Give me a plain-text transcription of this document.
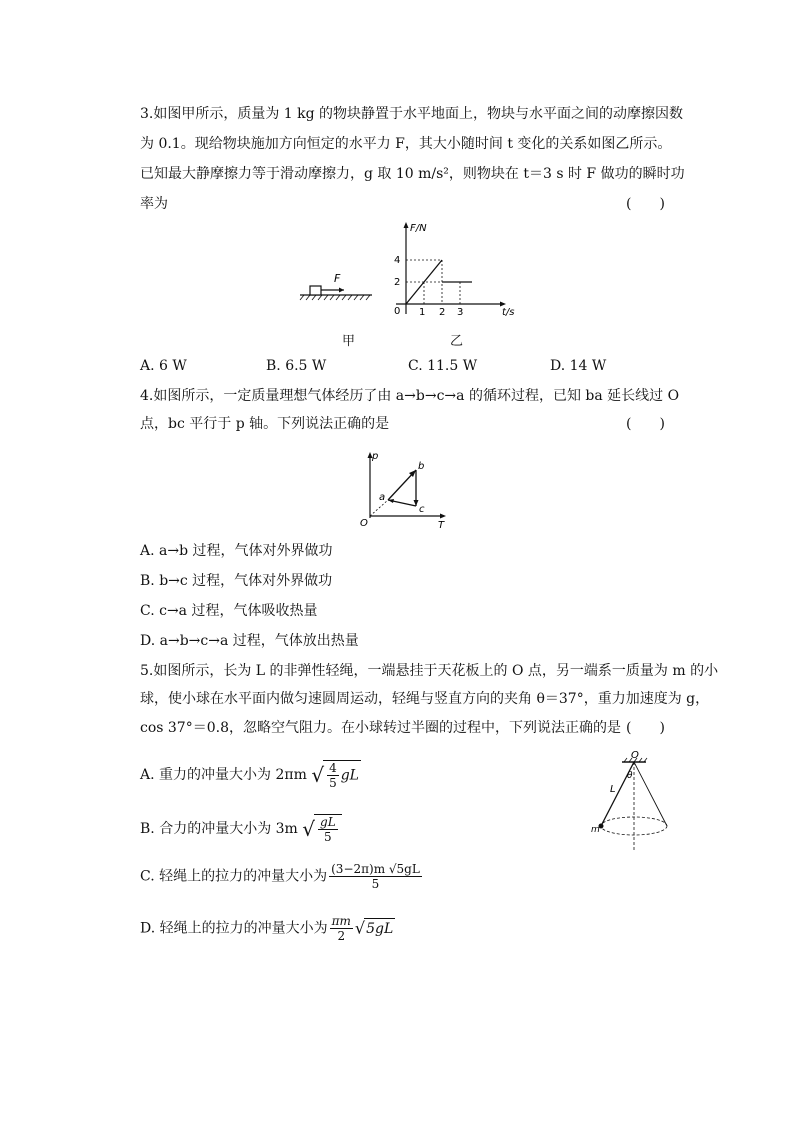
3.如图甲所示，质量为 1 kg 的物块静置于水平地面上，物块与水平面之间的动摩擦因数
为 0.1。现给物块施加方向恒定的水平力 F，其大小随时间 t 变化的关系如图乙所示。
已知最大静摩擦力等于滑动摩擦力，g 取 10 m/s²，则物块在 t＝3 s 时 F 做功的瞬时功
率为	(　　)
F
F/N
t/s
0
4
2
1 2 3
甲	乙
A. 6 W	B. 6.5 W	C. 11.5 W	D. 14 W
4.如图所示，一定质量理想气体经历了由 a→b→c→a 的循环过程，已知 ba 延长线过 O
点，bc 平行于 p 轴。下列说法正确的是	(　　)
p
T
O
a
b
c
A. a→b 过程，气体对外界做功
B. b→c 过程，气体对外界做功
C. c→a 过程，气体吸收热量
D. a→b→c→a 过程，气体放出热量
5.如图所示，长为 L 的非弹性轻绳，一端悬挂于天花板上的 O 点，另一端系一质量为 m 的小
球，使小球在水平面内做匀速圆周运动，轻绳与竖直方向的夹角 θ＝37°，重力加速度为 g，
cos 37°＝0.8，忽略空气阻力。在小球转过半圈的过程中，下列说法正确的是 (　　)
O
θ
L
m
A. 重力的冲量大小为 2πm √ $\frac{4}{5}$ gL
B. 合力的冲量大小为 3m √ $\frac{gL}{5}$
C. 轻绳上的拉力的冲量大小为 $\frac{(3-2\pi)m √5gL}{5}$
D. 轻绳上的拉力的冲量大小为 $\frac{\pi m}{2} √5gL$
